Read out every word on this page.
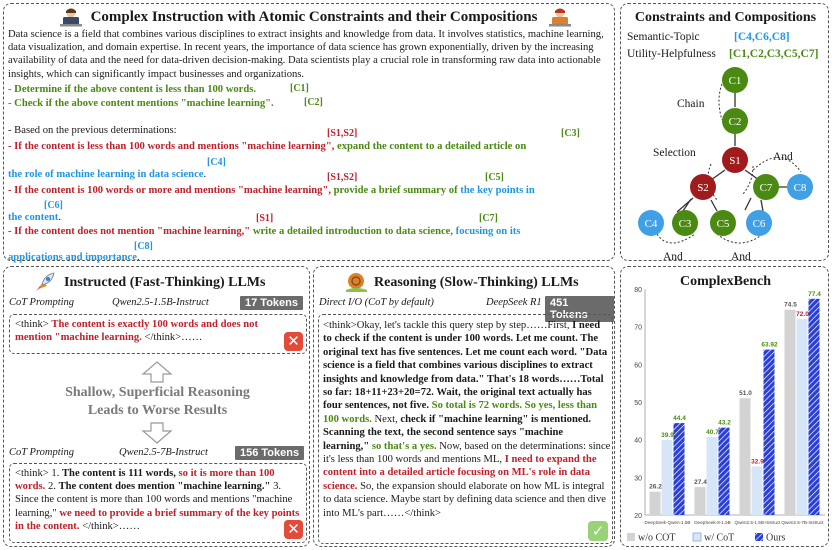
Complex Instruction with Atomic Constraints and their Compositions
Data science is a field that combines various disciplines to extract insights and knowledge from data. It involves statistics, machine learning, data visualization, and domain expertise. In recent years, the importance of data science has grown exponentially, driven by the increasing availability of data and the need for data-driven decision-making. Data scientists play a crucial role in transforming raw data into actionable insights, which can significantly impact businesses and organizations.
- Determine if the above content is less than 100 words.	[C1]
- Check if the above content mentions "machine learning".	[C2]
- Based on the previous determinations:	[S1,S2]	[C3]
- If the content is less than 100 words and mentions "machine learning", expand the content to a detailed article on
[C4]
the role of machine learning in data science.	[S1,S2]	[C5]
- If the content is 100 words or more and mentions "machine learning", provide a brief summary of the key points in
[C6]
the content.	[S1]	[C7]
- If the content does not mention "machine learning," write a detailed introduction to data science, focusing on its
[C8]
applications and importance.
Constraints and Compositions
Semantic-Topic	[C4,C6,C8]
Utility-Helpfulness [C1,C2,C3,C5,C7]
C1
C2
S1
S2	C7 C8
C4 C3 C5 C6
Chain
Selection	And
And	And
Instructed (Fast-Thinking) LLMs
CoT Prompting	Qwen2.5-1.5B-Instruct	17 Tokens
<think> The content is exactly 100 words and does not mention "machine learning. </think>……	✕
Shallow, Superficial Reasoning
Leads to Worse Results
CoT Prompting	Qwen2.5-7B-Instruct	156 Tokens
<think> 1. The content is 111 words, so it is more than 100 words. 2. The content does mention "machine learning." 3. Since the content is more than 100 words and mentions "machine learning," we need to provide a brief summary of the key points in the content. </think>……	✕
Reasoning (Slow-Thinking) LLMs
Direct I/O (CoT by default)	DeepSeek R1 451 Tokens
<think>Okay, let's tackle this query step by step……First, I need to check if the content is under 100 words. Let me count. The original text has five sentences. Let me count each word. "Data science is a field that combines various disciplines to extract insights and knowledge from data." That's 18 words……Total so far: 18+11+23+20=72. Wait, the original text actually has four sentences, not five. So total is 72 words. So yes, less than 100 words. Next, check if "machine learning" is mentioned. Scanning the text, the second sentence says "machine learning," so that's a yes. Now, based on the determinations: since it's less than 100 words and mentions ML, I need to expand the content into a detailed article focusing on ML's role in data science. So, the expansion should elaborate on how ML is integral to data science. Maybe start by defining data science and then dive into ML's part……</think>
✓
ComplexBench
20
30
40
50
60
70
80
26.2
39.9
44.4
DeepSeek-Qwen-1.5B
27.4
40.7
43.2
DeepSeek-8-1.5B
51.0
32.9
63.92
Qwen2.5-1.5B-Instruct
74.5
72.0
77.4
Qwen2.5-7B-Instruct
w/o COT	w/ CoT	Ours
